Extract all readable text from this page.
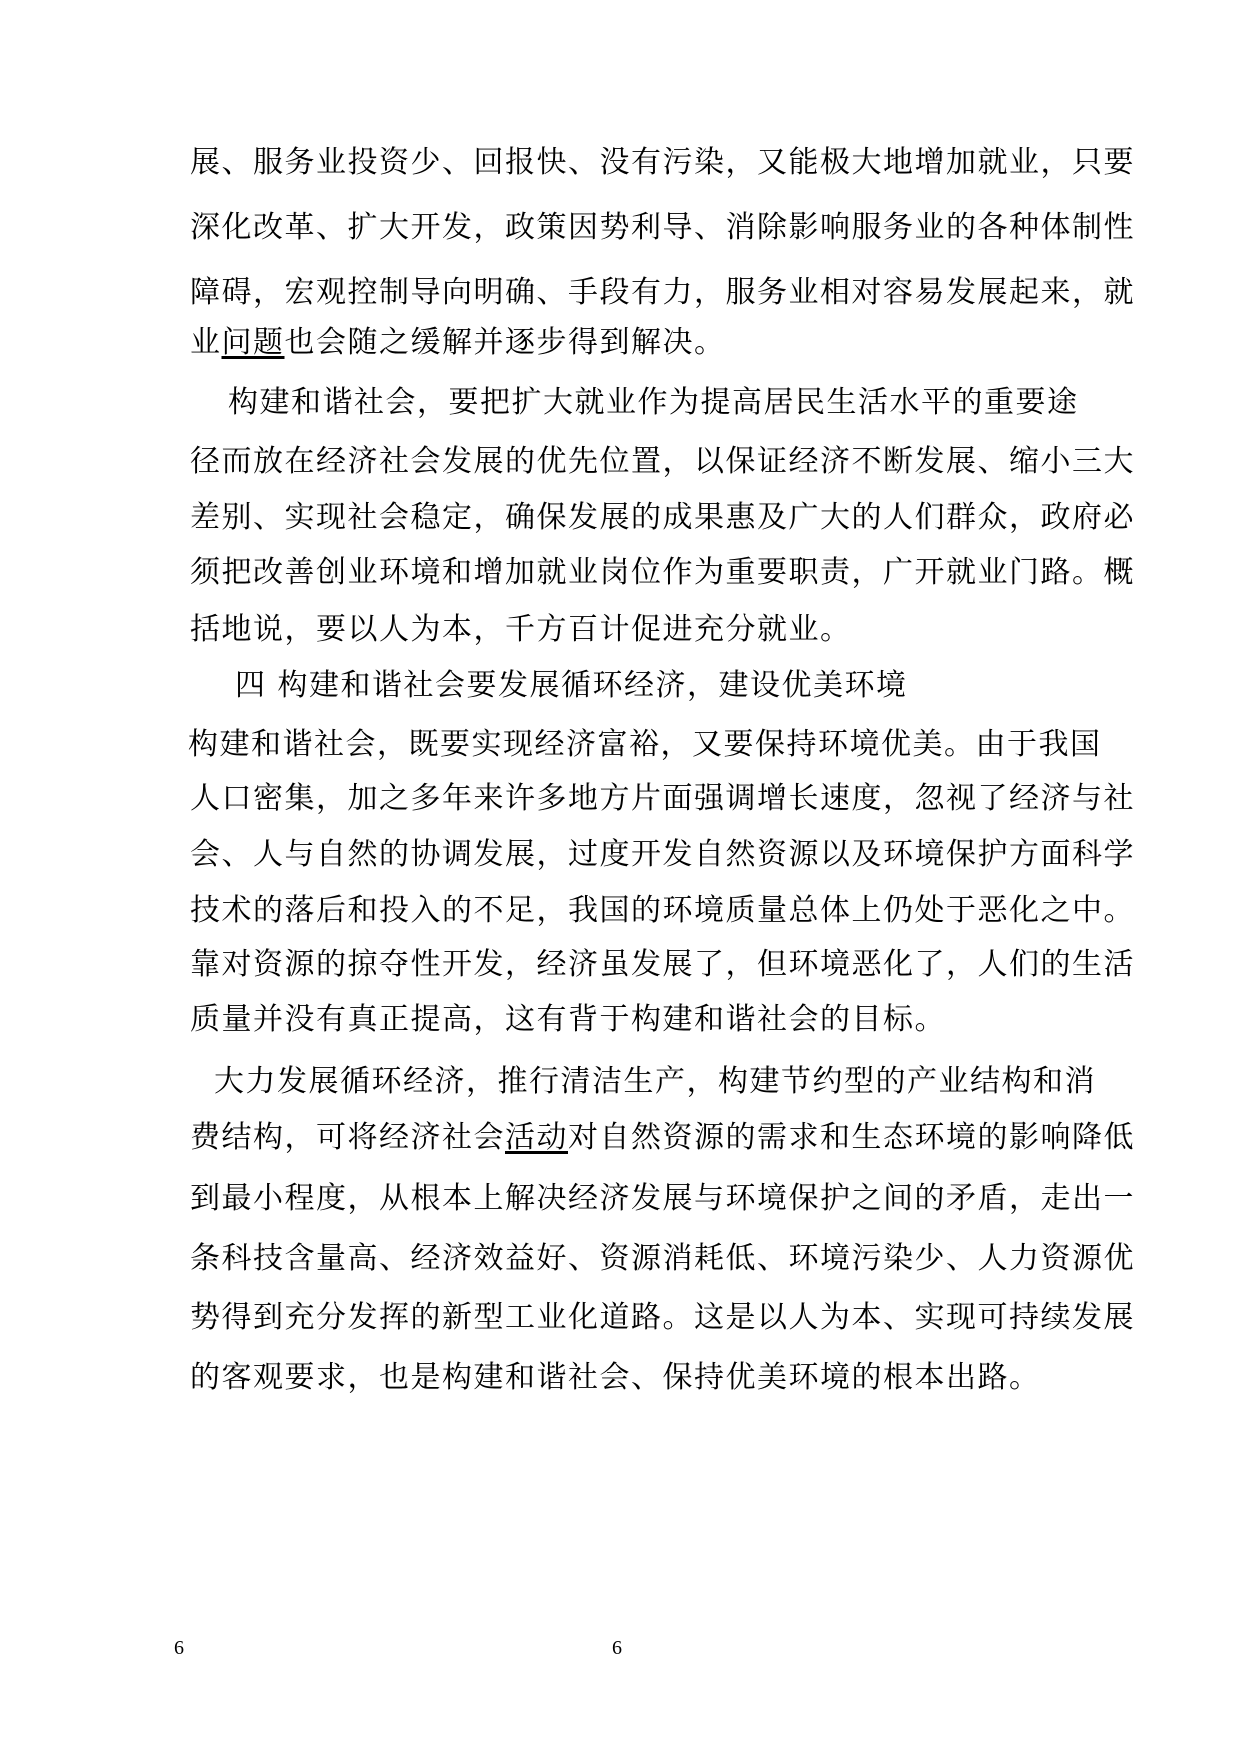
展、服务业投资少、回报快、没有污染，又能极大地增加就业，只要
深化改革、扩大开发，政策因势利导、消除影响服务业的各种体制性
障碍，宏观控制导向明确、手段有力，服务业相对容易发展起来，就
业问题也会随之缓解并逐步得到解决。
构建和谐社会，要把扩大就业作为提高居民生活水平的重要途
径而放在经济社会发展的优先位置，以保证经济不断发展、缩小三大
差别、实现社会稳定，确保发展的成果惠及广大的人们群众，政府必
须把改善创业环境和增加就业岗位作为重要职责，广开就业门路。概
括地说，要以人为本，千方百计促进充分就业。
四 构建和谐社会要发展循环经济，建设优美环境
构建和谐社会，既要实现经济富裕，又要保持环境优美。由于我国
人口密集，加之多年来许多地方片面强调增长速度，忽视了经济与社
会、人与自然的协调发展，过度开发自然资源以及环境保护方面科学
技术的落后和投入的不足，我国的环境质量总体上仍处于恶化之中。
靠对资源的掠夺性开发，经济虽发展了，但环境恶化了，人们的生活
质量并没有真正提高，这有背于构建和谐社会的目标。
大力发展循环经济，推行清洁生产，构建节约型的产业结构和消
费结构，可将经济社会活动对自然资源的需求和生态环境的影响降低
到最小程度，从根本上解决经济发展与环境保护之间的矛盾，走出一
条科技含量高、经济效益好、资源消耗低、环境污染少、人力资源优
势得到充分发挥的新型工业化道路。这是以人为本、实现可持续发展
的客观要求，也是构建和谐社会、保持优美环境的根本出路。
6	6
